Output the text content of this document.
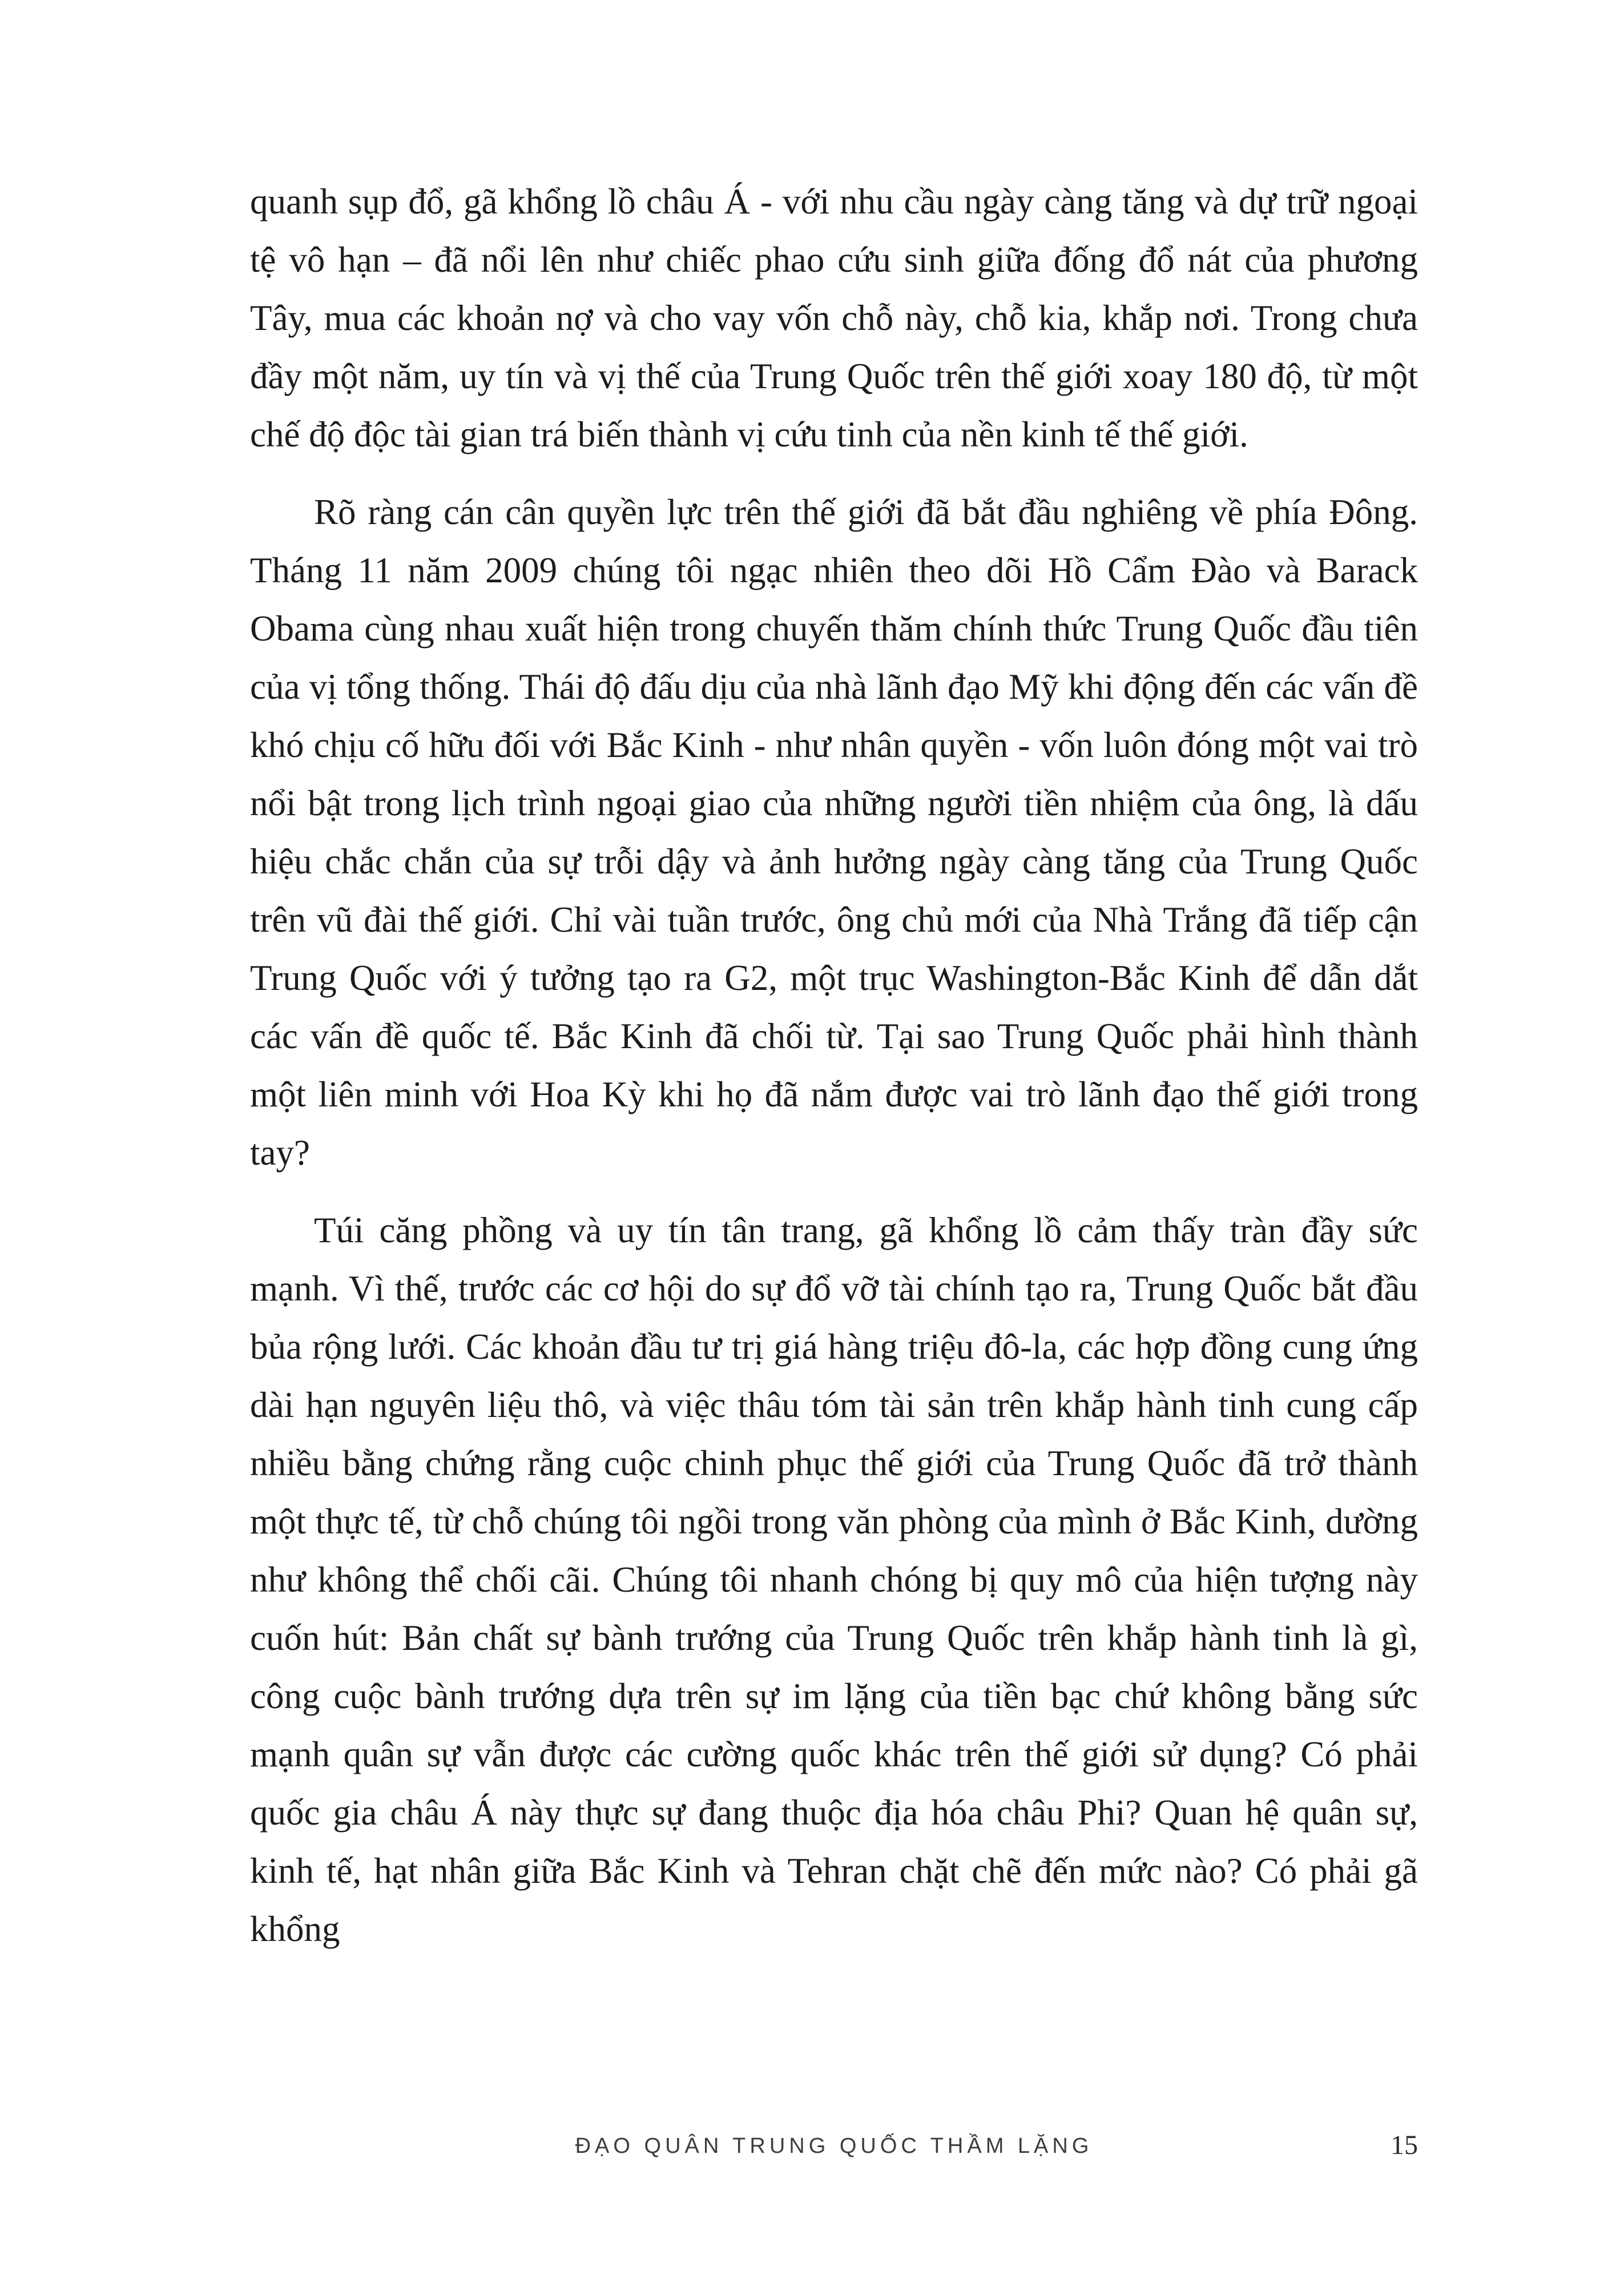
quanh sụp đổ, gã khổng lồ châu Á - với nhu cầu ngày càng tăng và dự trữ ngoại tệ vô hạn – đã nổi lên như chiếc phao cứu sinh giữa đống đổ nát của phương Tây, mua các khoản nợ và cho vay vốn chỗ này, chỗ kia, khắp nơi. Trong chưa đầy một năm, uy tín và vị thế của Trung Quốc trên thế giới xoay 180 độ, từ một chế độ độc tài gian trá biến thành vị cứu tinh của nền kinh tế thế giới.

Rõ ràng cán cân quyền lực trên thế giới đã bắt đầu nghiêng về phía Đông. Tháng 11 năm 2009 chúng tôi ngạc nhiên theo dõi Hồ Cẩm Đào và Barack Obama cùng nhau xuất hiện trong chuyến thăm chính thức Trung Quốc đầu tiên của vị tổng thống. Thái độ đấu dịu của nhà lãnh đạo Mỹ khi động đến các vấn đề khó chịu cố hữu đối với Bắc Kinh - như nhân quyền - vốn luôn đóng một vai trò nổi bật trong lịch trình ngoại giao của những người tiền nhiệm của ông, là dấu hiệu chắc chắn của sự trỗi dậy và ảnh hưởng ngày càng tăng của Trung Quốc trên vũ đài thế giới. Chỉ vài tuần trước, ông chủ mới của Nhà Trắng đã tiếp cận Trung Quốc với ý tưởng tạo ra G2, một trục Washington-Bắc Kinh để dẫn dắt các vấn đề quốc tế. Bắc Kinh đã chối từ. Tại sao Trung Quốc phải hình thành một liên minh với Hoa Kỳ khi họ đã nắm được vai trò lãnh đạo thế giới trong tay?

Túi căng phồng và uy tín tân trang, gã khổng lồ cảm thấy tràn đầy sức mạnh. Vì thế, trước các cơ hội do sự đổ vỡ tài chính tạo ra, Trung Quốc bắt đầu bủa rộng lưới. Các khoản đầu tư trị giá hàng triệu đô-la, các hợp đồng cung ứng dài hạn nguyên liệu thô, và việc thâu tóm tài sản trên khắp hành tinh cung cấp nhiều bằng chứng rằng cuộc chinh phục thế giới của Trung Quốc đã trở thành một thực tế, từ chỗ chúng tôi ngồi trong văn phòng của mình ở Bắc Kinh, dường như không thể chối cãi. Chúng tôi nhanh chóng bị quy mô của hiện tượng này cuốn hút: Bản chất sự bành trướng của Trung Quốc trên khắp hành tinh là gì, công cuộc bành trướng dựa trên sự im lặng của tiền bạc chứ không bằng sức mạnh quân sự vẫn được các cường quốc khác trên thế giới sử dụng? Có phải quốc gia châu Á này thực sự đang thuộc địa hóa châu Phi? Quan hệ quân sự, kinh tế, hạt nhân giữa Bắc Kinh và Tehran chặt chẽ đến mức nào? Có phải gã khổng

ĐẠO QUÂN TRUNG QUỐC THẦM LẶNG	15
